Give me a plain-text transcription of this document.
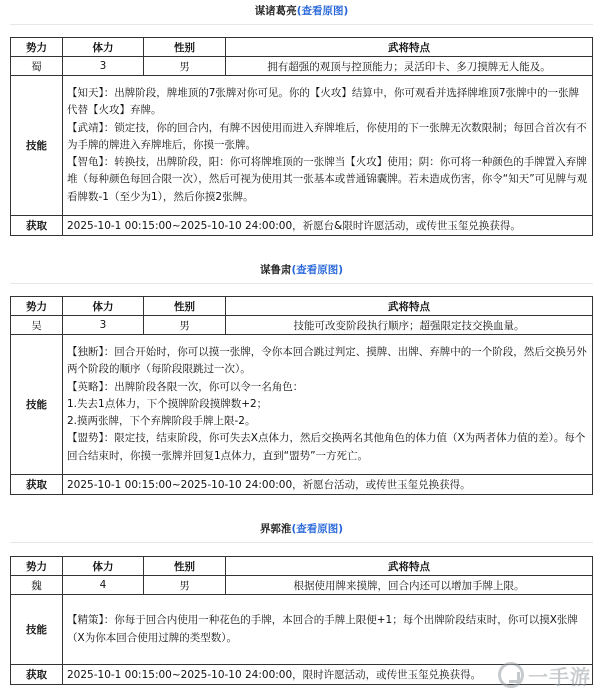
谋诸葛亮 (查看原图)
势力	体力	性别	武将特点
蜀	3	男	拥有超强的观顶与控顶能力；灵活印卡、多刀摸牌无人能及。
技能	【知天】：出牌阶段，牌堆顶的7张牌对你可见。你的【火攻】结算中，你可观看并选择牌堆顶7张牌中的一张牌代替【火攻】弃牌。

【武靖】：锁定技，你的回合内，有牌不因使用而进入弃牌堆后，你使用的下一张牌无次数限制；每回合首次有不为手牌的牌进入弃牌堆后，你摸一张牌。

【智龟】：转换技，出牌阶段，阳：你可将牌堆顶的一张牌当【火攻】使用；阴：你可将一种颜色的手牌置入弃牌堆（每种颜色每回合限一次），然后可视为使用其一张基本或普通锦囊牌。若未造成伤害，你令“知天”可见牌与观看牌数-1（至少为1），然后你摸2张牌。		

获取	2025-10-1 00:15:00~2025-10-10 24:00:00，祈愿台&限时许愿活动，或传世玉玺兑换获得。		
谋鲁肃 (查看原图)
势力	体力	性别	武将特点
吴	3	男	技能可改变阶段执行顺序；超强限定技交换血量。
技能	【独断】：回合开始时，你可以摸一张牌，令你本回合跳过判定、摸牌、出牌、弃牌中的一个阶段，然后交换另外两个阶段的顺序（每阶段限跳过一次）。

【英略】：出牌阶段各限一次，你可以令一名角色：

1.失去1点体力，下个摸牌阶段摸牌数+2；

2.摸两张牌，下个弃牌阶段手牌上限-2。

【盟势】：限定技，结束阶段，你可失去X点体力，然后交换两名其他角色的体力值（X为两者体力值的差）。每个回合结束时，你摸一张牌并回复1点体力，直到“盟势”一方死亡。		

获取	2025-10-1 00:15:00~2025-10-10 24:00:00，祈愿台活动，或传世玉玺兑换获得。		
界郭淮 (查看原图)
势力	体力	性别	武将特点
魏	4	男	根据使用牌来摸牌，回合内还可以增加手牌上限。
技能	【精策】：你每于回合内使用一种花色的手牌，本回合的手牌上限便+1；每个出牌阶段结束时，你可以摸X张牌（X为你本回合使用过牌的类型数）。		

获取	2025-10-1 00:15:00~2025-10-10 24:00:00，限时许愿活动，或传世玉玺兑换获得。		一手游
